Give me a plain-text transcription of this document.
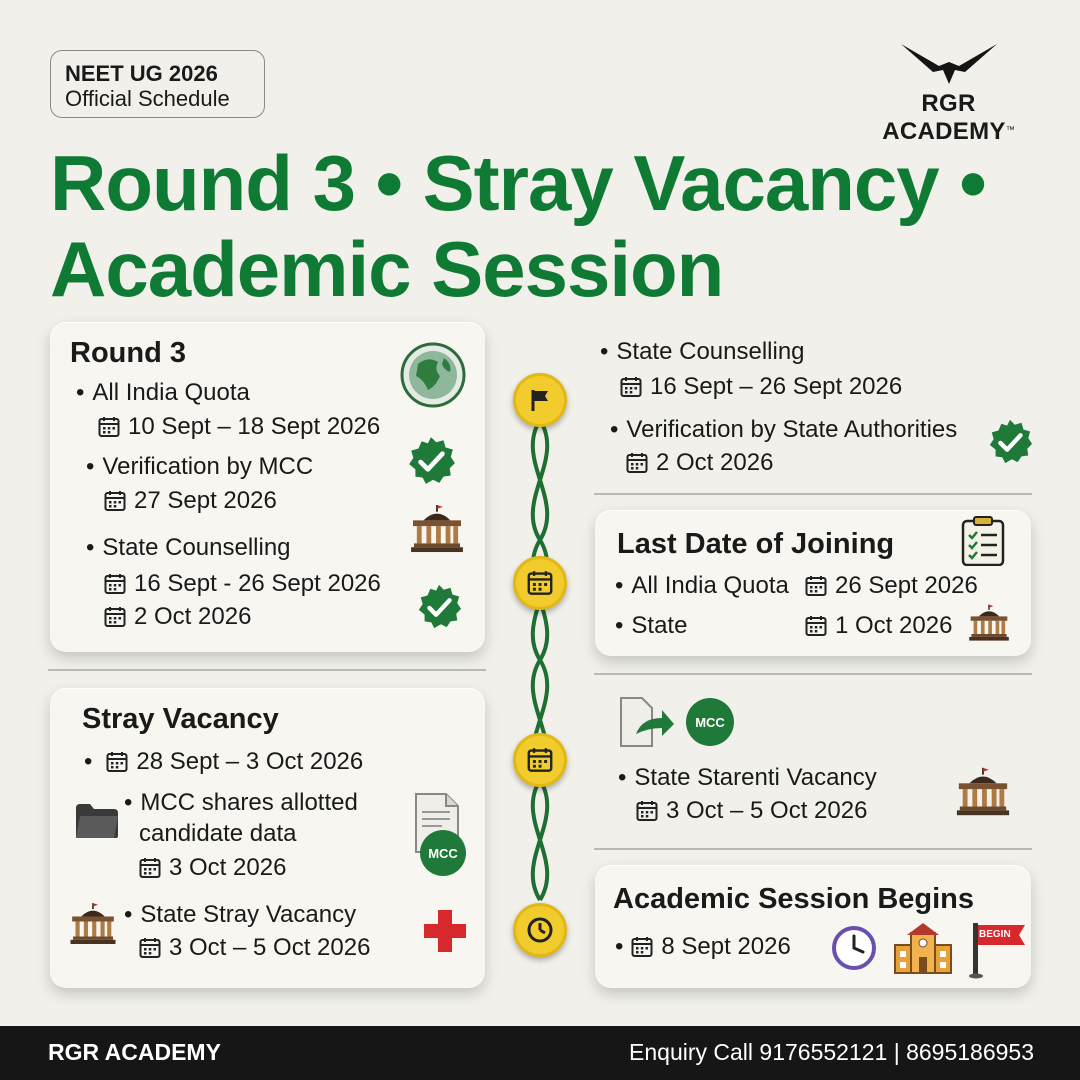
NEET UG 2026
Official Schedule	RGR ACADEMY™
Round 3 • Stray Vacancy •
Academic Session
Round 3
• All India Quota
10 Sept – 18 Sept 2026
• Verification by MCC
27 Sept 2026
• State Counselling
16 Sept - 26 Sept 2026
2 Oct 2026
• State Counselling
16 Sept – 26 Sept 2026
• Verification by State Authorities
2 Oct 2026
Last Date of Joining
• All India Quota 26 Sept 2026
• State	1 Oct 2026
Stray Vacancy
•
28 Sept – 3 Oct 2026
• MCC shares allotted
candidate data
3 Oct 2026
MCC
• State Stray Vacancy
3 Oct – 5 Oct 2026
MCC
• State Starenti Vacancy
3 Oct – 5 Oct 2026
Academic Session Begins
•
8 Sept 2026	BEGIN
RGR ACADEMY	Enquiry Call 9176552121 | 8695186953
